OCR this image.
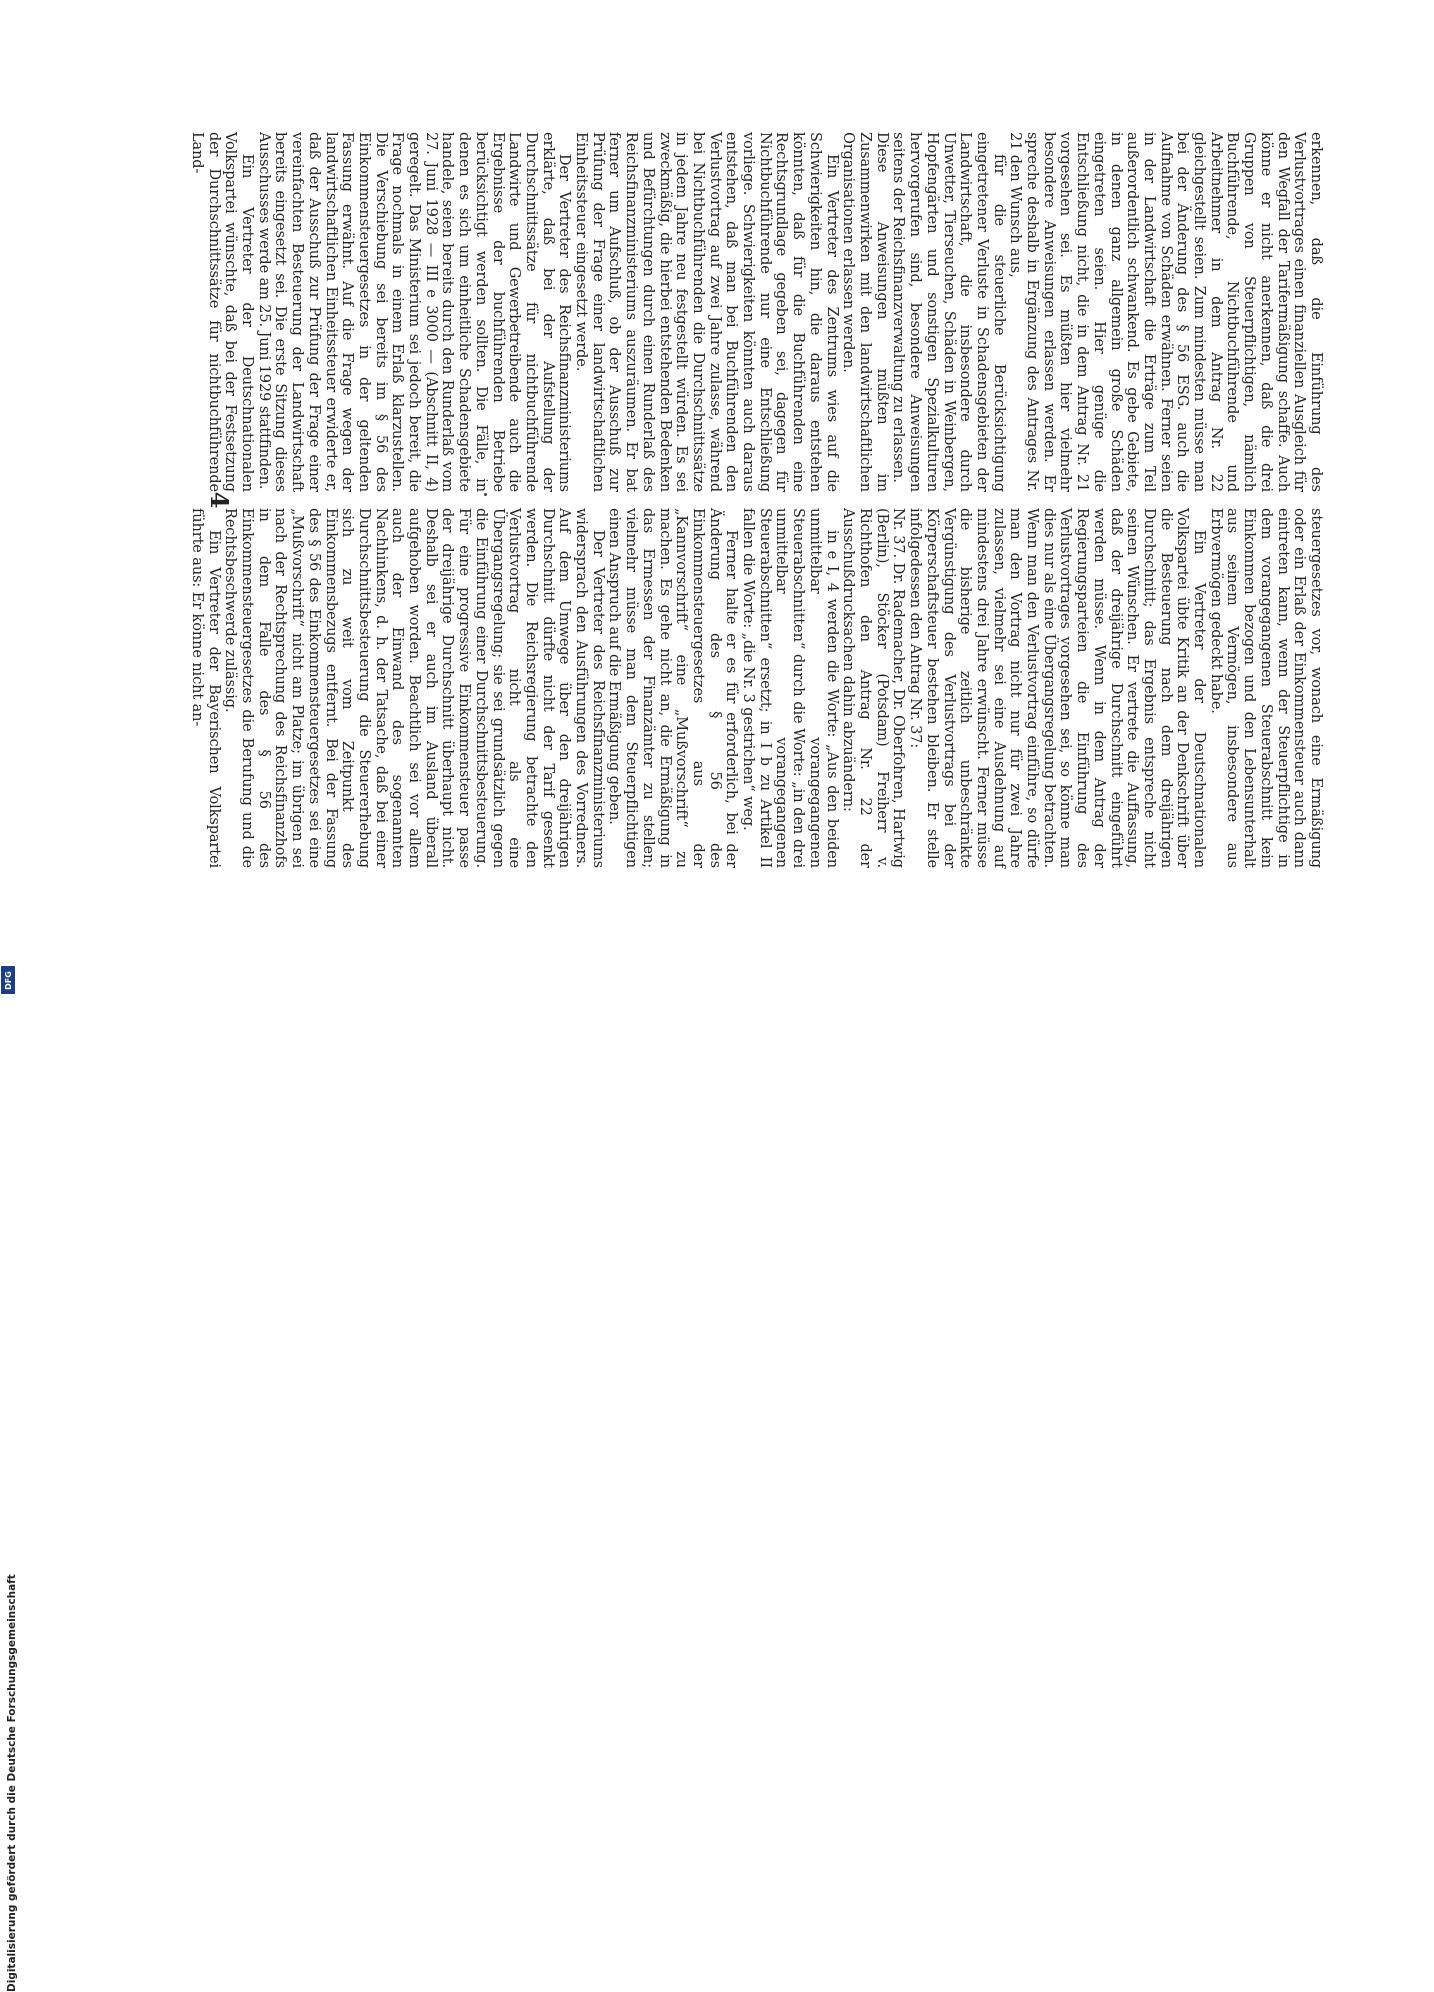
4

steuergesetzes vor, wonach eine Ermäßigung oder ein Erlaß der Einkommensteuer auch dann eintreten kann, wenn der Steuerpflichtige in dem vorangegangenen Steuerabschnitt kein Einkommen bezogen und den Lebensunterhalt aus seinem Vermögen, insbesondere aus Erbvermögen gedeckt habe.

Ein Vertreter der Deutschnationalen Volkspartei übte Kritik an der Denkschrift über die Besteuerung nach dem dreijährigen Durchschnitt; das Ergebnis entspreche nicht seinen Wünschen. Er vertrete die Auffassung, daß der dreijährige Durchschnitt eingeführt werden müsse. Wenn in dem Antrag der Regierungsparteien die Einführung des Verlustvortrages vorgesehen sei, so könne man dies nur als eine Übergangsregelung betrachten. Wenn man den Verlustvortrag einführe, so dürfe man den Vortrag nicht nur für zwei Jahre zulassen, vielmehr sei eine Ausdehnung auf mindestens drei Jahre erwünscht. Ferner müsse die bisherige zeitlich unbeschränkte Vergünstigung des Verlustvortrags bei der Körperschaftsteuer bestehen bleiben. Er stelle infolgedessen den Antrag Nr. 37:

Nr. 37. Dr. Rademacher, Dr. Oberfohren, Hartwig (Berlin), Stöcker (Potsdam) Freiherr v. Richthofen den Antrag Nr. 22 der Ausschußdrucksachen dahin abzuändern:

in e I, 4 werden die Worte: „Aus den beiden unmittelbar vorangegangenen Steuerabschnitten“ durch die Worte: „in den drei unmittelbar vorangegangenen Steuerabschnitten“ ersetzt; in I b zu Artikel II fallen die Worte: „die Nr. 3 gestrichen“ weg.

Ferner halte er es für erforderlich, bei der Änderung des § 56 des Einkommensteuergesetzes aus der „Kannvorschrift“ eine „Mußvorschrift“ zu machen. Es gehe nicht an, die Ermäßigung in das Ermessen der Finanzämter zu stellen; vielmehr müsse man dem Steuerpflichtigen einen Anspruch auf die Ermäßigung geben.

Der Vertreter des Reichsfinanzministeriums widersprach den Ausführungen des Vorredners. Auf dem Umwege über den dreijährigen Durchschnitt dürfte nicht der Tarif gesenkt werden. Die Reichsregierung betrachte den Verlustvortrag nicht als eine Übergangsregelung; sie sei grundsätzlich gegen die Einführung einer Durchschnittsbesteuerung. Für eine progressive Einkommensteuer passe der dreijährige Durchschnitt überhaupt nicht. Deshalb sei er auch im Ausland überall aufgehoben worden. Beachtlich sei vor allem auch der Einwand des sogenannten Nachhinkens, d. h. der Tatsache, daß bei einer Durchschnittsbesteuerung die Steuererhebung sich zu weit vom Zeitpunkt des Einkommensbezugs entfernt. Bei der Fassung des § 56 des Einkommensteuergesetzes sei eine „Mußvorschrift“ nicht am Platze; im übrigen sei nach der Rechtsprechung des Reichsfinanzhofs in dem Falle des § 56 des Einkommensteuergesetzes die Berufung und die Rechtsbeschwerde zulässig.

Ein Vertreter der Bayerischen Volkspartei führte aus: Er könne nicht an-

erkennen, daß die Einführung des Verlustvortrages einen finanziellen Ausgleich für den Wegfall der Tarifermäßigung schaffe. Auch könne er nicht anerkennen, daß die drei Gruppen von Steuerpflichtigen, nämlich Buchführende, Nichtbuchführende und Arbeitnehmer in dem Antrag Nr. 22 gleichgestellt seien. Zum mindesten müsse man bei der Änderung des § 56 ESG. auch die Aufnahme von Schäden erwähnen. Ferner seien in der Landwirtschaft die Erträge zum Teil außerordentlich schwankend. Es gebe Gebiete, in denen ganz allgemein große Schäden eingetreten seien. Hier genüge die Entschließung nicht, die in dem Antrag Nr. 21 vorgesehen sei. Es müßten hier vielmehr besondere Anweisungen erlassen werden. Er spreche deshalb in Ergänzung des Antrages Nr. 21 den Wunsch aus,

für die steuerliche Berücksichtigung eingetretener Verluste in Schadensgebieten der Landwirtschaft, die insbesondere durch Unwetter, Tierseuchen, Schäden in Weinbergen, Hopfengärten und sonstigen Spezialkulturen hervorgerufen sind, besondere Anweisungen seitens der Reichsfinanzverwaltung zu erlassen.

Diese Anweisungen müßten im Zusammenwirken mit den landwirtschaftlichen Organisationen erlassen werden.

Ein Vertreter des Zentrums wies auf die Schwierigkeiten hin, die daraus entstehen könnten, daß für die Buchführenden eine Rechtsgrundlage gegeben sei, dagegen für Nichtbuchführende nur eine Entschließung vorliege. Schwierigkeiten könnten auch daraus entstehen, daß man bei Buchführenden den Verlustvortrag auf zwei Jahre zulasse, während bei Nichtbuchführenden die Durchschnittssätze in jedem Jahre neu festgestellt würden. Es sei zweckmäßig, die hierbei entstehenden Bedenken und Befürchtungen durch einen Runderlaß des Reichsfinanzministeriums auszuräumen. Er bat ferner um Aufschluß, ob der Ausschuß zur Prüfung der Frage einer landwirtschaftlichen Einheitssteuer eingesetzt werde.

Der Vertreter des Reichsfinanzministeriums erklärte, daß bei der Aufstellung der Durchschnittssätze für nichtbuchführende Landwirte und Gewerbetreibende auch die Ergebnisse der buchführenden Betriebe berücksichtigt werden sollten. Die Fälle, in denen es sich um einheitliche Schadensgebiete handele, seien bereits durch den Runderlaß vom 27. Juni 1928 — III e 3000 — (Abschnitt II, 4) geregelt. Das Ministerium sei jedoch bereit, die Frage nochmals in einem Erlaß klarzustellen. Die Verschiebung sei bereits im § 56 des Einkommensteuergesetzes in der geltenden Fassung erwähnt. Auf die Frage wegen der landwirtschaftlichen Einheitssteuer erwiderte er, daß der Ausschuß zur Prüfung der Frage einer vereinfachten Besteuerung der Landwirtschaft bereits eingesetzt sei. Die erste Sitzung dieses Ausschusses werde am 25. Juni 1929 stattfinden.

Ein Vertreter der Deutschnationalen Volkspartei wünschte, daß bei der Festsetzung der Durchschnittssätze für nichtbuchführende Land-

Digitalisierung gefördert durch die Deutsche Forschungsgemeinschaft
DFG
